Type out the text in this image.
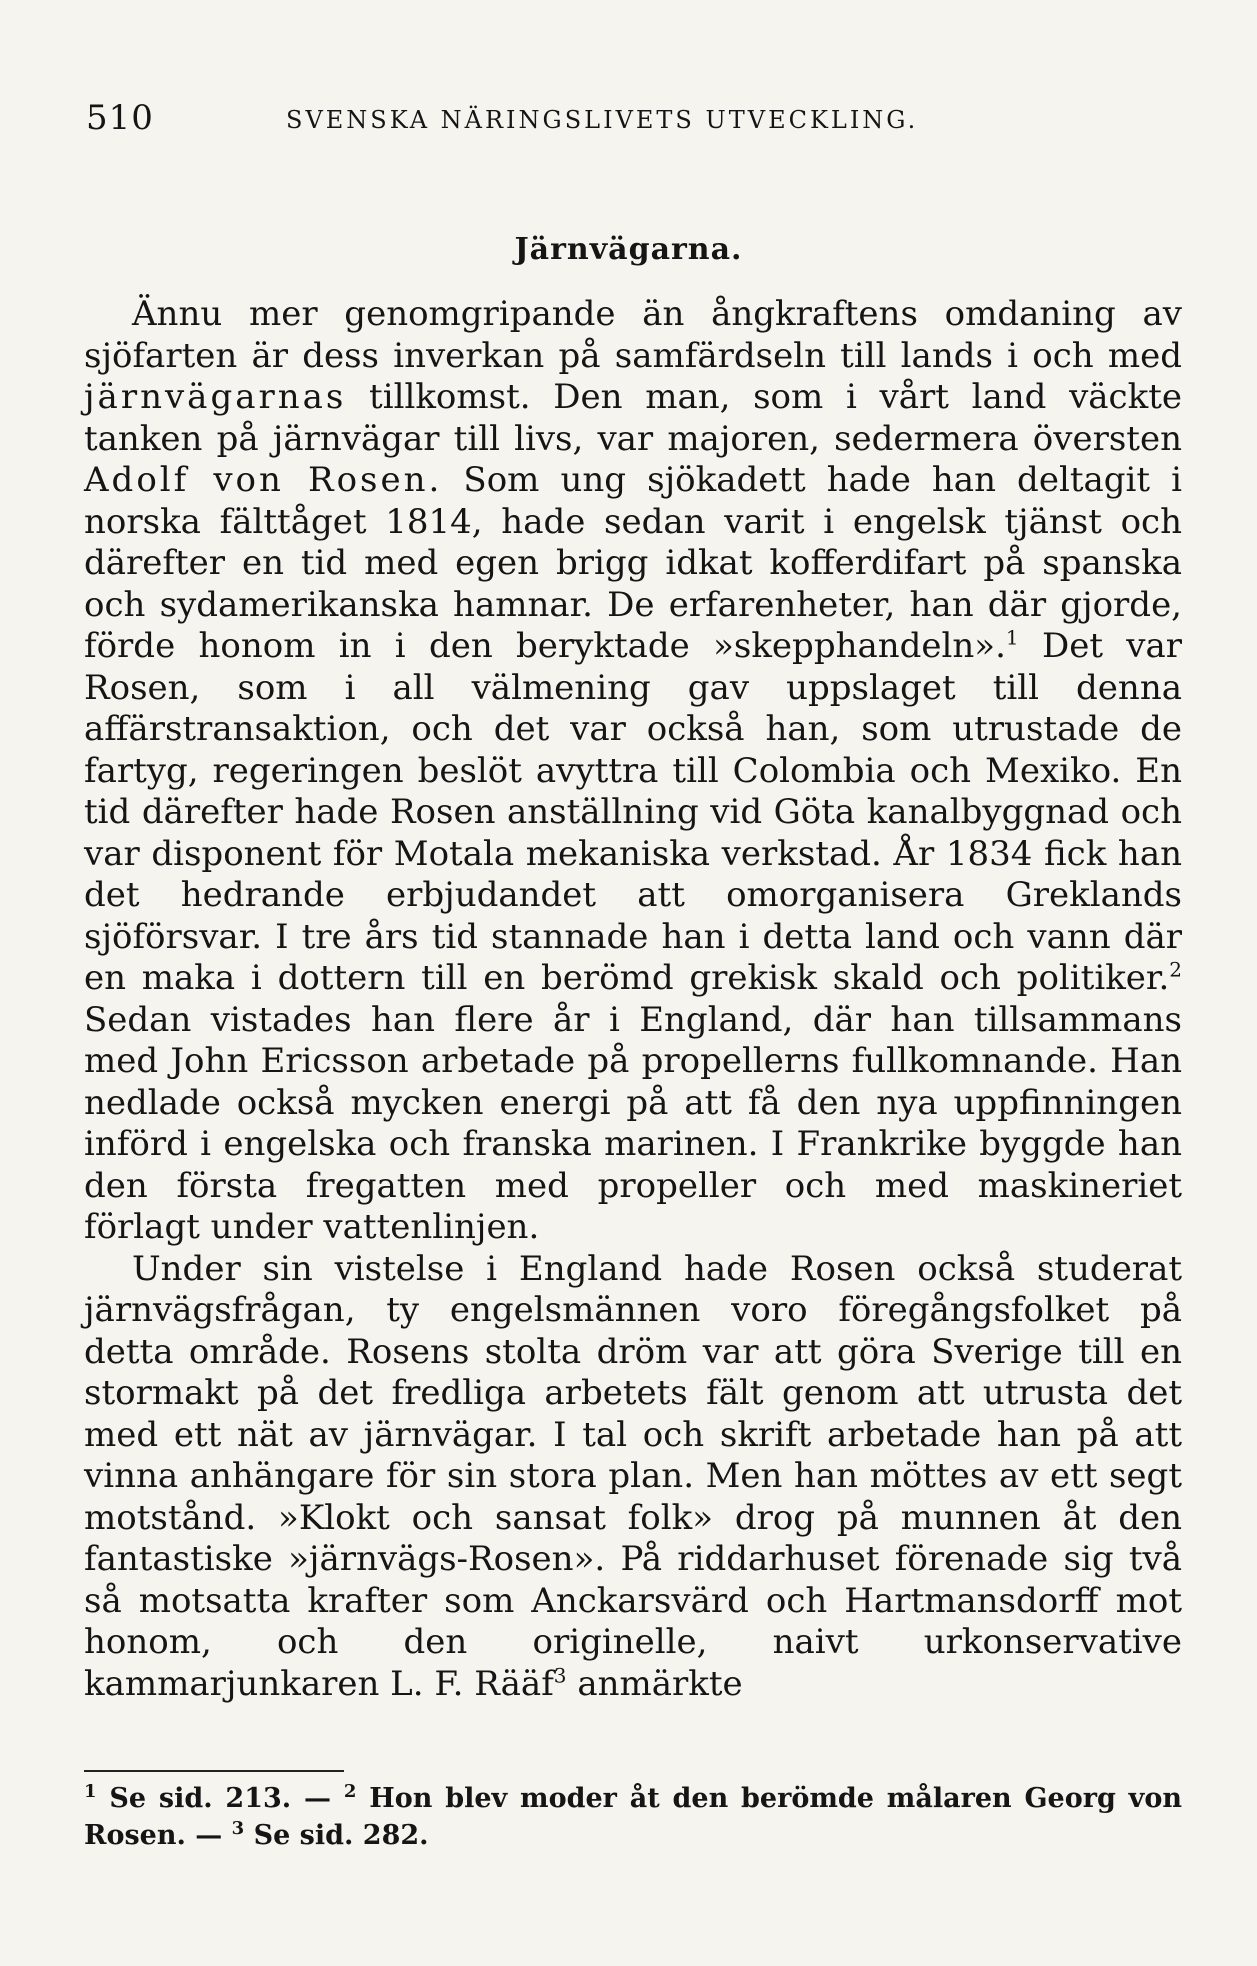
510	SVENSKA NÄRINGSLIVETS UTVECKLING.
Järnvägarna.

Ännu mer genomgripande än ångkraftens omdaning av sjöfarten är dess inverkan på samfärdseln till lands i och med järnvägarnas tillkomst. Den man, som i vårt land väckte tanken på järnvägar till livs, var majoren, sedermera översten Adolf von Rosen. Som ung sjökadett hade han deltagit i norska fälttåget 1814, hade sedan varit i engelsk tjänst och därefter en tid med egen brigg idkat kofferdifart på spanska och sydamerikanska hamnar. De erfarenheter, han där gjorde, förde honom in i den beryktade »skepphandeln».$^1$ Det var Rosen, som i all välmening gav uppslaget till denna affärstransaktion, och det var också han, som utrustade de fartyg, regeringen beslöt avyttra till Colombia och Mexiko. En tid därefter hade Rosen anställning vid Göta kanalbyggnad och var disponent för Motala mekaniska verkstad. År 1834 fick han det hedrande erbjudandet att omorganisera Greklands sjöförsvar. I tre års tid stannade han i detta land och vann där en maka i dottern till en berömd grekisk skald och politiker.$^2$ Sedan vistades han flere år i England, där han tillsammans med John Ericsson arbetade på propellerns fullkomnande. Han nedlade också mycken energi på att få den nya uppfinningen införd i engelska och franska marinen. I Frankrike byggde han den första fregatten med propeller och med maskineriet förlagt under vattenlinjen.

Under sin vistelse i England hade Rosen också studerat järnvägsfrågan, ty engelsmännen voro föregångsfolket på detta område. Rosens stolta dröm var att göra Sverige till en stormakt på det fredliga arbetets fält genom att utrusta det med ett nät av järnvägar. I tal och skrift arbetade han på att vinna anhängare för sin stora plan. Men han möttes av ett segt motstånd. »Klokt och sansat folk» drog på munnen åt den fantastiske »järnvägs-Rosen». På riddarhuset förenade sig två så motsatta krafter som Anckarsvärd och Hartmansdorff mot honom, och den originelle, naivt urkonservative kammarjunkaren L. F. Rääf$^3$ anmärkte

$^1$ Se sid. 213. — $^2$ Hon blev moder åt den berömde målaren Georg von Rosen. — $^3$ Se sid. 282.
